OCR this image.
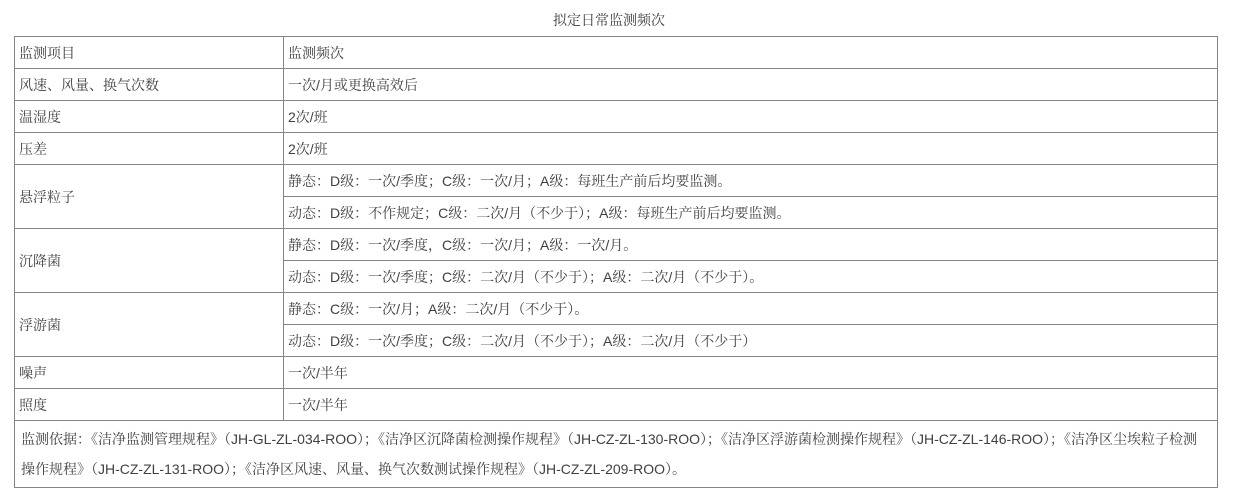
拟定日常监测频次
监测项目	监测频次
风速、风量、换气次数	一次/月或更换高效后
温湿度	2次/班
压差	2次/班
悬浮粒子	静态：D级：一次/季度；C级：一次/月；A级：每班生产前后均要监测。
	动态：D级：不作规定；C级：二次/月（不少于）；A级：每班生产前后均要监测。
沉降菌	静态：D级：一次/季度，C级：一次/月；A级：一次/月。
	动态：D级：一次/季度；C级：二次/月（不少于）；A级：二次/月（不少于）。
浮游菌	静态：C级：一次/月；A级：二次/月（不少于）。
	动态：D级：一次/季度；C级：二次/月（不少于）；A级：二次/月（不少于）
噪声	一次/半年
照度	一次/半年
监测依据：《洁净监测管理规程》（JH-GL-ZL-034-ROO）；《洁净区沉降菌检测操作规程》（JH-CZ-ZL-130-ROO）；《洁净区浮游菌检测操作规程》（JH-CZ-ZL-146-ROO）；《洁净区尘埃粒子检测操作规程》（JH-CZ-ZL-131-ROO）；《洁净区风速、风量、换气次数测试操作规程》（JH-CZ-ZL-209-ROO）。	
